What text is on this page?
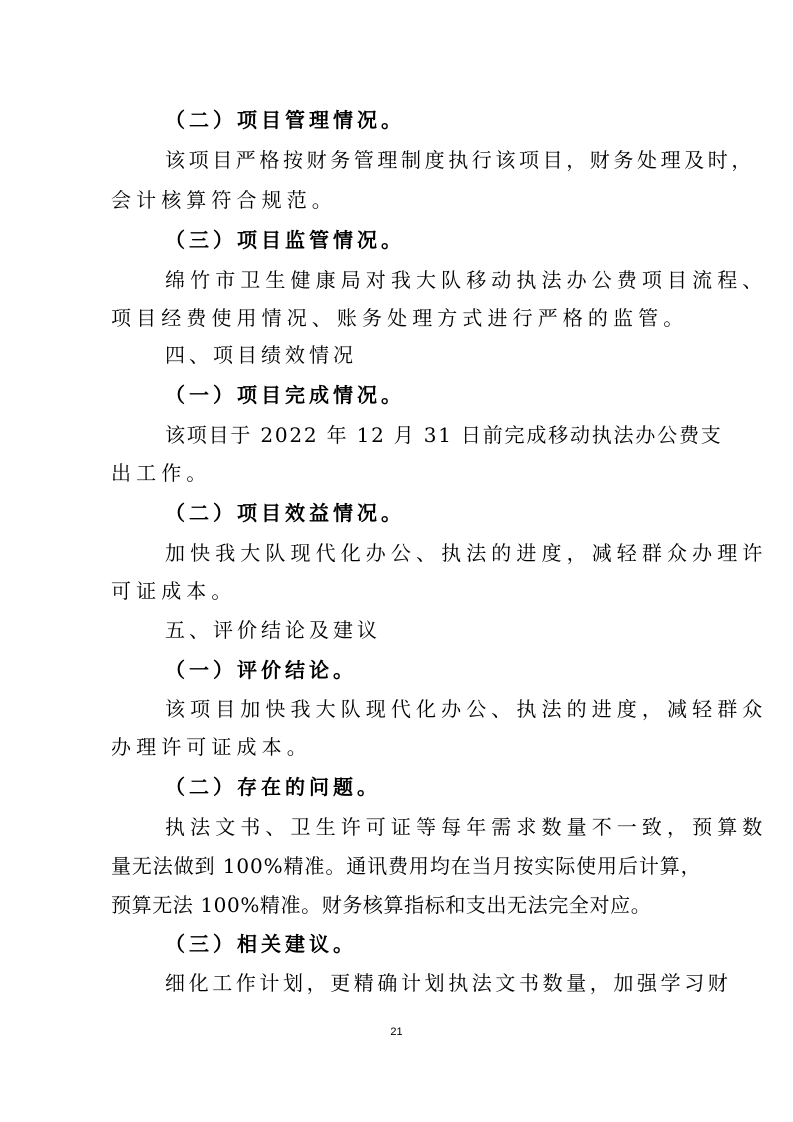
（二）项目管理情况。
该项目严格按财务管理制度执行该项目，财务处理及时，
会计核算符合规范。
（三）项目监管情况。
绵竹市卫生健康局对我大队移动执法办公费项目流程、
项目经费使用情况、账务处理方式进行严格的监管。
四、项目绩效情况
（一）项目完成情况。
该项目于 2022 年 12 月 31 日前完成移动执法办公费支
出工作。
（二）项目效益情况。
加快我大队现代化办公、执法的进度，减轻群众办理许
可证成本。
五、评价结论及建议
（一）评价结论。
该项目加快我大队现代化办公、执法的进度，减轻群众
办理许可证成本。
（二）存在的问题。
执法文书、卫生许可证等每年需求数量不一致，预算数
量无法做到 100%精准。通讯费用均在当月按实际使用后计算，
预算无法 100%精准。财务核算指标和支出无法完全对应。
（三）相关建议。
细化工作计划，更精确计划执法文书数量，加强学习财
21
